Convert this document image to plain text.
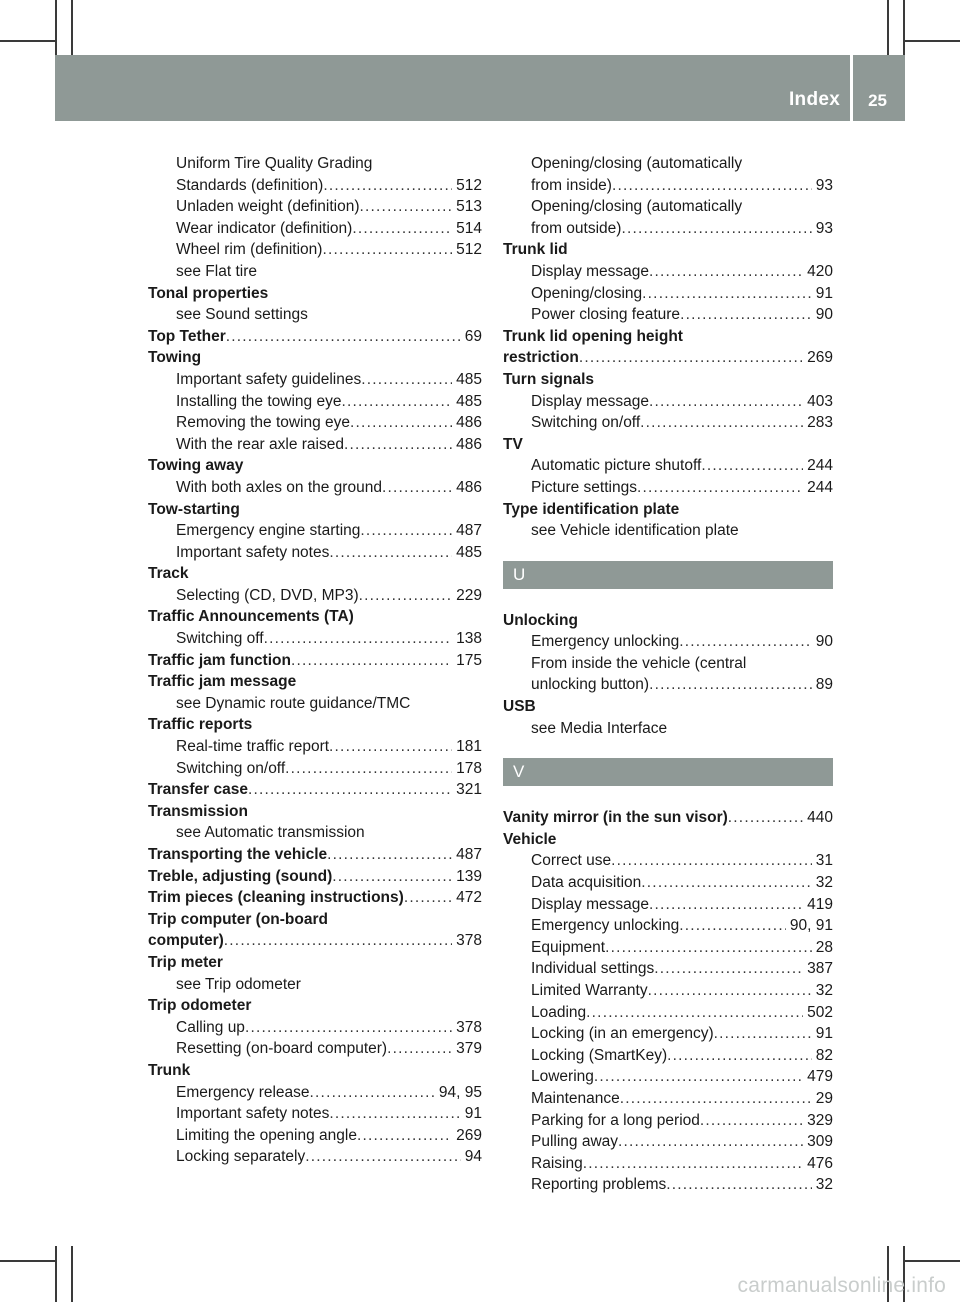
Index	25
Uniform Tire Quality Grading
Standards (definition) .....	512
Unladen weight (definition) .....	513
Wear indicator (definition) .....	514
Wheel rim (definition) .....	512
see Flat tire
Tonal properties
see Sound settings
Top Tether .....	69
Towing
Important safety guidelines .....	485
Installing the towing eye .....	485
Removing the towing eye .....	486
With the rear axle raised .....	486
Towing away
With both axles on the ground .....	486
Tow-starting
Emergency engine starting .....	487
Important safety notes .....	485
Track
Selecting (CD, DVD, MP3) .....	229
Traffic Announcements (TA)
Switching off .....	138
Traffic jam function .....	175
Traffic jam message
see Dynamic route guidance/TMC
Traffic reports
Real-time traffic report .....	181
Switching on/off .....	178
Transfer case .....	321
Transmission
see Automatic transmission
Transporting the vehicle .....	487
Treble, adjusting (sound) .....	139
Trim pieces (cleaning instructions) .....	472
Trip computer (on-board
computer) .....	378
Trip meter
see Trip odometer
Trip odometer
Calling up .....	378
Resetting (on-board computer) .....	379
Trunk
Emergency release .....	94, 95
Important safety notes .....	91
Limiting the opening angle .....	269
Locking separately .....	94
Opening/closing (automatically
from inside) .....	93
Opening/closing (automatically
from outside) .....	93
Trunk lid
Display message .....	420
Opening/closing .....	91
Power closing feature .....	90
Trunk lid opening height
restriction .....	269
Turn signals
Display message .....	403
Switching on/off .....	283
TV
Automatic picture shutoff .....	244
Picture settings .....	244
Type identification plate
see Vehicle identification plate
U
Unlocking
Emergency unlocking .....	90
From inside the vehicle (central
unlocking button) .....	89
USB
see Media Interface
V
Vanity mirror (in the sun visor) .....	440
Vehicle
Correct use .....	31
Data acquisition .....	32
Display message .....	419
Emergency unlocking .....	90, 91
Equipment .....	28
Individual settings .....	387
Limited Warranty .....	32
Loading .....	502
Locking (in an emergency) .....	91
Locking (SmartKey) .....	82
Lowering .....	479
Maintenance .....	29
Parking for a long period .....	329
Pulling away .....	309
Raising .....	476
Reporting problems .....	32
carmanualsonline.info
